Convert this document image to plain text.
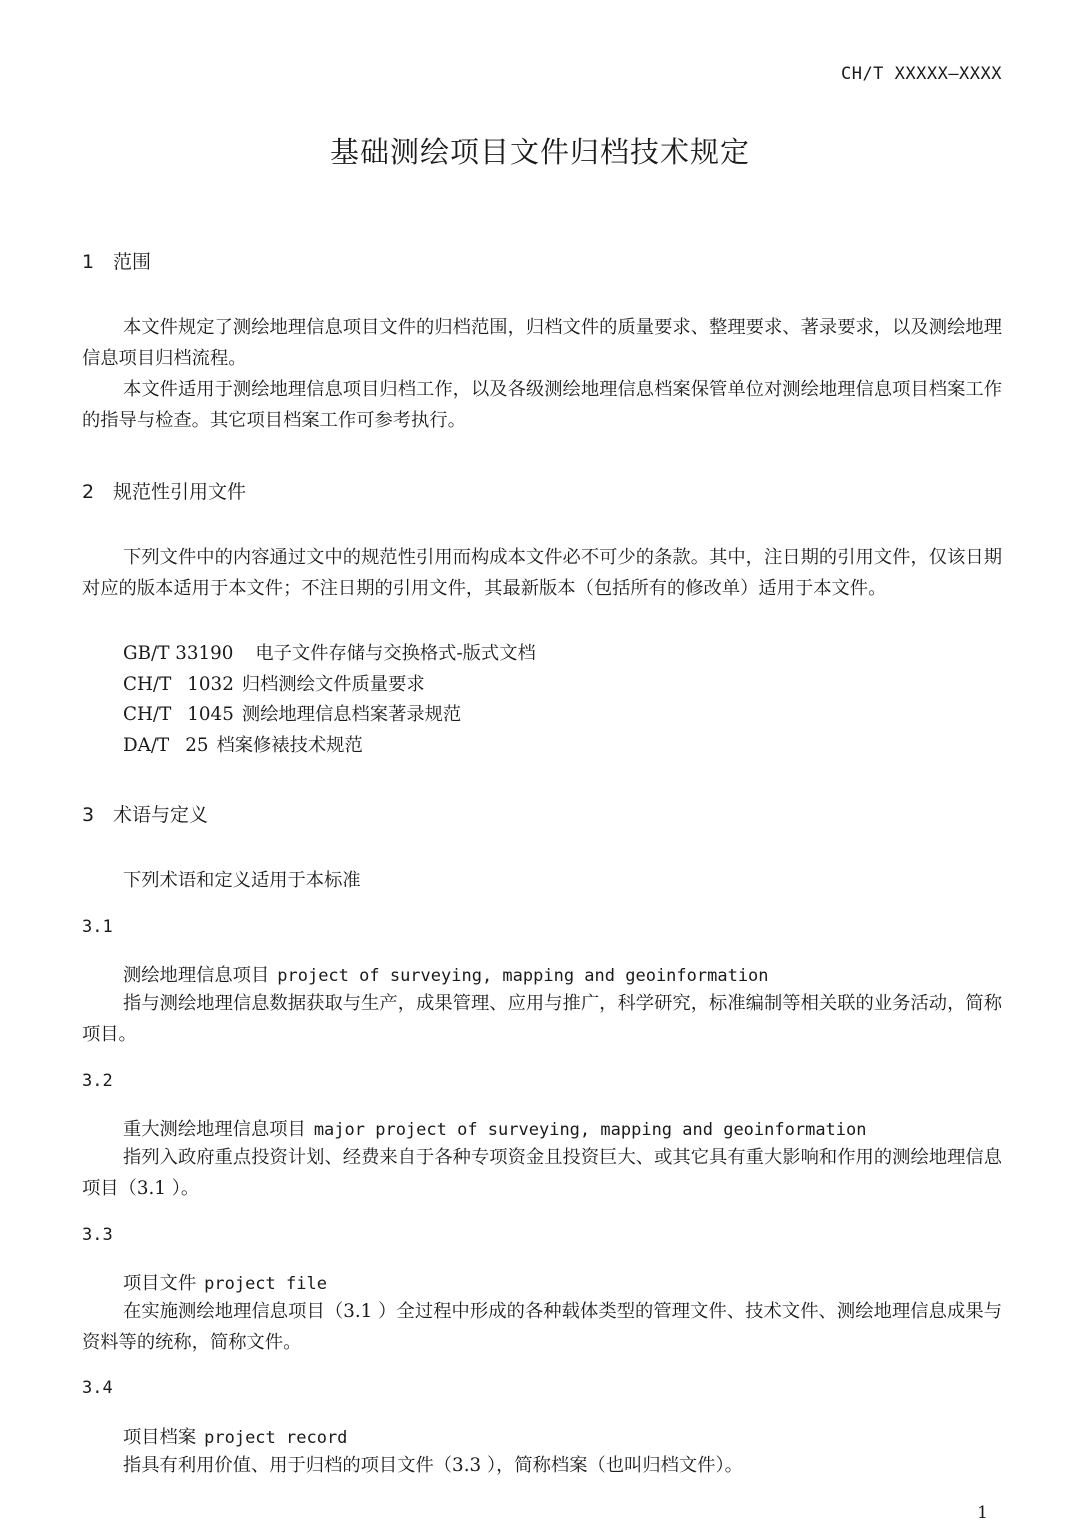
CH/T XXXXX—XXXX
基础测绘项目文件归档技术规定
1 范围
本文件规定了测绘地理信息项目文件的归档范围，归档文件的质量要求、整理要求、著录要求，以及测绘地理信息项目归档流程。
本文件适用于测绘地理信息项目归档工作，以及各级测绘地理信息档案保管单位对测绘地理信息项目档案工作的指导与检查。其它项目档案工作可参考执行。
2 规范性引用文件
下列文件中的内容通过文中的规范性引用而构成本文件必不可少的条款。其中，注日期的引用文件，仅该日期对应的版本适用于本文件；不注日期的引用文件，其最新版本（包括所有的修改单）适用于本文件。
GB/T 33190 电子文件存储与交换格式-版式文档
CH/T 1032 归档测绘文件质量要求
CH/T 1045 测绘地理信息档案著录规范
DA/T 25 档案修裱技术规范
3 术语与定义
下列术语和定义适用于本标准
3.1
测绘地理信息项目 project of surveying, mapping and geoinformation
指与测绘地理信息数据获取与生产，成果管理、应用与推广，科学研究，标准编制等相关联的业务活动，简称项目。
3.2
重大测绘地理信息项目 major project of surveying, mapping and geoinformation
指列入政府重点投资计划、经费来自于各种专项资金且投资巨大、或其它具有重大影响和作用的测绘地理信息项目（3.1 ）。
3.3
项目文件 project file
在实施测绘地理信息项目（3.1 ）全过程中形成的各种载体类型的管理文件、技术文件、测绘地理信息成果与资料等的统称，简称文件。
3.4
项目档案 project record
指具有利用价值、用于归档的项目文件（3.3 ），简称档案（也叫归档文件）。
1
